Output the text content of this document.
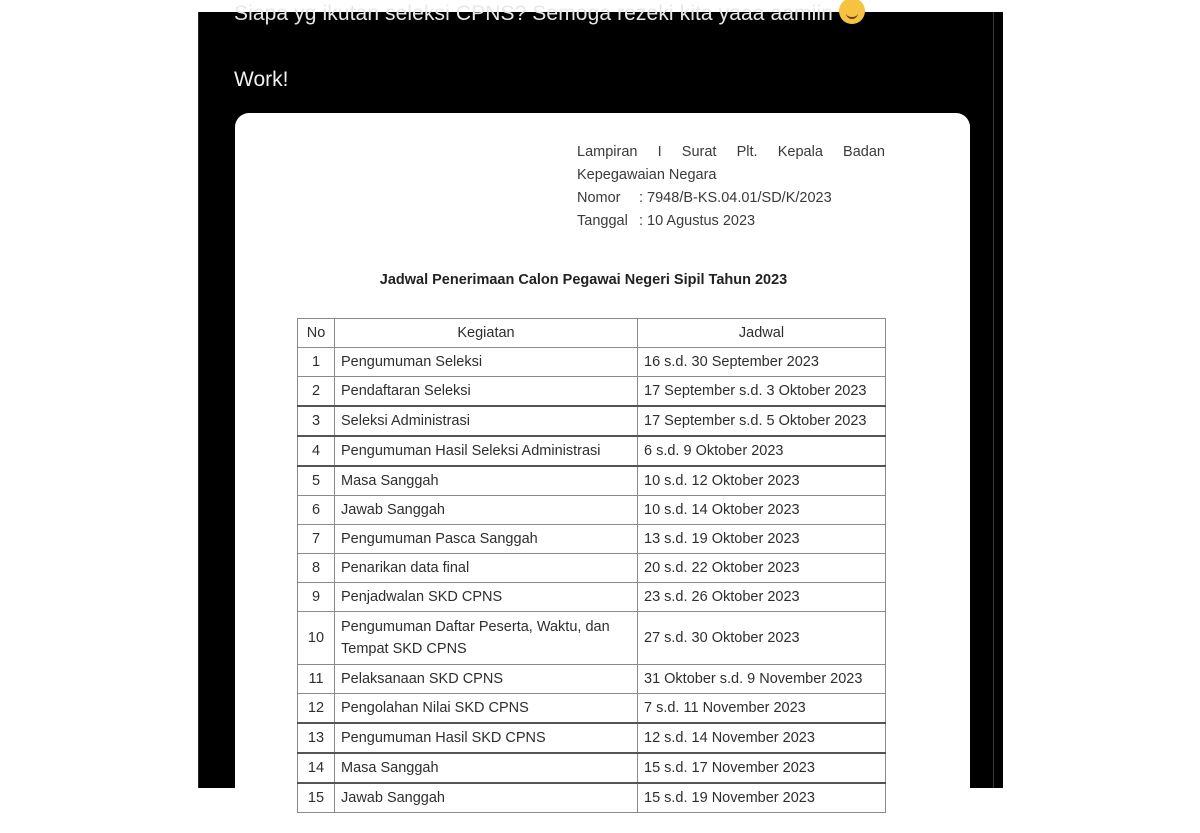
Siapa yg ikutan seleksi CPNS? Semoga rezeki kita yaaa aamiin
Work!
Lampiran I Surat Plt. Kepala Badan
Kepegawaian Negara
Nomor	: 7948/B-KS.04.01/SD/K/2023
Tanggal : 10 Agustus 2023
Jadwal Penerimaan Calon Pegawai Negeri Sipil Tahun 2023
No	Kegiatan	Jadwal
1	Pengumuman Seleksi	16 s.d. 30 September 2023
2	Pendaftaran Seleksi	17 September s.d. 3 Oktober 2023
3	Seleksi Administrasi	17 September s.d. 5 Oktober 2023
4	Pengumuman Hasil Seleksi Administrasi	6 s.d. 9 Oktober 2023
5	Masa Sanggah	10 s.d. 12 Oktober 2023
6	Jawab Sanggah	10 s.d. 14 Oktober 2023
7	Pengumuman Pasca Sanggah	13 s.d. 19 Oktober 2023
8	Penarikan data final	20 s.d. 22 Oktober 2023
9	Penjadwalan SKD CPNS	23 s.d. 26 Oktober 2023
10	Pengumuman Daftar Peserta, Waktu, dan Tempat SKD CPNS	27 s.d. 30 Oktober 2023
11	Pelaksanaan SKD CPNS	31 Oktober s.d. 9 November 2023
12	Pengolahan Nilai SKD CPNS	7 s.d. 11 November 2023
13	Pengumuman Hasil SKD CPNS	12 s.d. 14 November 2023
14	Masa Sanggah	15 s.d. 17 November 2023
15	Jawab Sanggah	15 s.d. 19 November 2023
